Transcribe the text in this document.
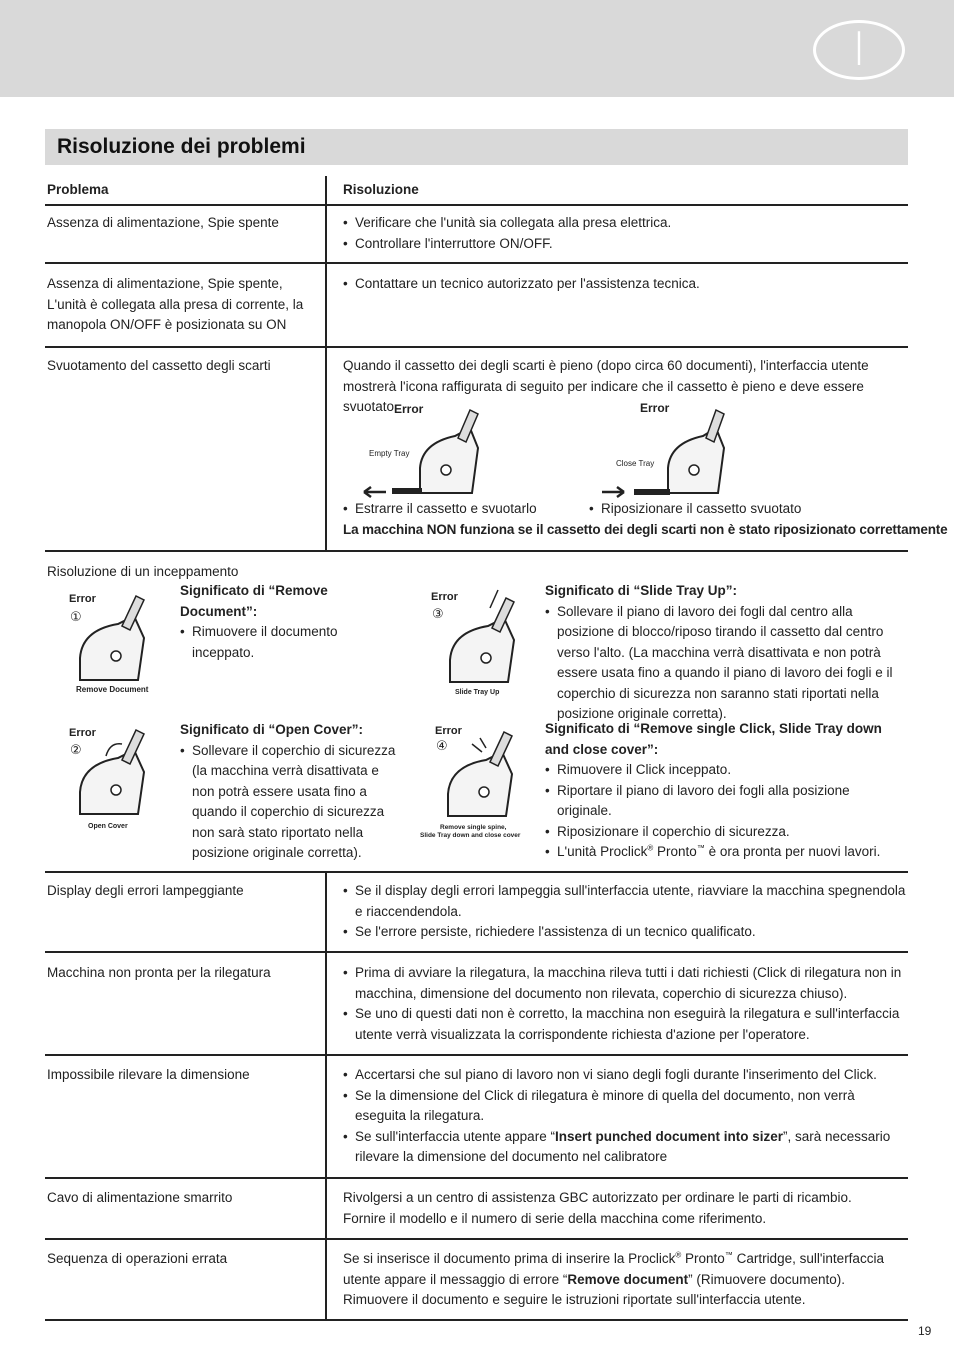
I
Risoluzione dei problemi
Problema	Risoluzione
Assenza di alimentazione, Spie spente	• Verificare che l'unità sia collegata alla presa elettrica.
• Controllare l'interruttore ON/OFF.
Assenza di alimentazione, Spie spente, L'unità è collegata alla presa di corrente, la manopola ON/OFF è posizionata su ON
• Contattare un tecnico autorizzato per l'assistenza tecnica.
Svuotamento del cassetto degli scarti	Quando il cassetto dei degli scarti è pieno (dopo circa 60 documenti), l'interfaccia utente mostrerà l'icona raffigurata di seguito per indicare che il cassetto è pieno e deve essere svuotato.
Error
Empty Tray
Error
Close Tray
• Estrarre il cassetto e svuotarlo	• Riposizionare il cassetto svuotato
La macchina NON funziona se il cassetto dei degli scarti non è stato riposizionato correttamente
Risoluzione di un inceppamento
Error
①
Remove Document
Significato di “Remove Document”:
• Rimuovere il documento inceppato.
Error
③
Slide Tray Up
Significato di “Slide Tray Up”:
• Sollevare il piano di lavoro dei fogli dal centro alla posizione di blocco/riposo tirando il cassetto dal centro verso l'alto. (La macchina verrà disattivata e non potrà essere usata fino a quando il piano di lavoro dei fogli e il coperchio di sicurezza non saranno stati riportati nella posizione originale corretta).
Error
②
Open Cover
Significato di “Open Cover”:
• Sollevare il coperchio di sicurezza (la macchina verrà disattivata e non potrà essere usata fino a quando il coperchio di sicurezza non sarà stato riportato nella posizione originale corretta).
Error
④
Remove single spine,
Slide Tray down and close cover
Significato di “Remove single Click, Slide Tray down and close cover”:
• Rimuovere il Click inceppato.
• Riportare il piano di lavoro dei fogli alla posizione originale.
• Riposizionare il coperchio di sicurezza.
• L'unità Proclick® Pronto™ è ora pronta per nuovi lavori.
Display degli errori lampeggiante	• Se il display degli errori lampeggia sull'interfaccia utente, riavviare la macchina spegnendola e riaccendendola.
• Se l'errore persiste, richiedere l'assistenza di un tecnico qualificato.
Macchina non pronta per la rilegatura	• Prima di avviare la rilegatura, la macchina rileva tutti i dati richiesti (Click di rilegatura non in macchina, dimensione del documento non rilevata, coperchio di sicurezza chiuso).
• Se uno di questi dati non è corretto, la macchina non eseguirà la rilegatura e sull'interfaccia utente verrà visualizzata la corrispondente richiesta d'azione per l'operatore.
Impossibile rilevare la dimensione	• Accertarsi che sul piano di lavoro non vi siano degli fogli durante l'inserimento del Click.
• Se la dimensione del Click di rilegatura è minore di quella del documento, non verrà eseguita la rilegatura.
• Se sull'interfaccia utente appare “Insert punched document into sizer”, sarà necessario rilevare la dimensione del documento nel calibratore
Cavo di alimentazione smarrito	Rivolgersi a un centro di assistenza GBC autorizzato per ordinare le parti di ricambio.
Fornire il modello e il numero di serie della macchina come riferimento.
Sequenza di operazioni errata	Se si inserisce il documento prima di inserire la Proclick® Pronto™ Cartridge, sull'interfaccia utente appare il messaggio di errore “Remove document” (Rimuovere documento).
Rimuovere il documento e seguire le istruzioni riportate sull'interfaccia utente.
19
